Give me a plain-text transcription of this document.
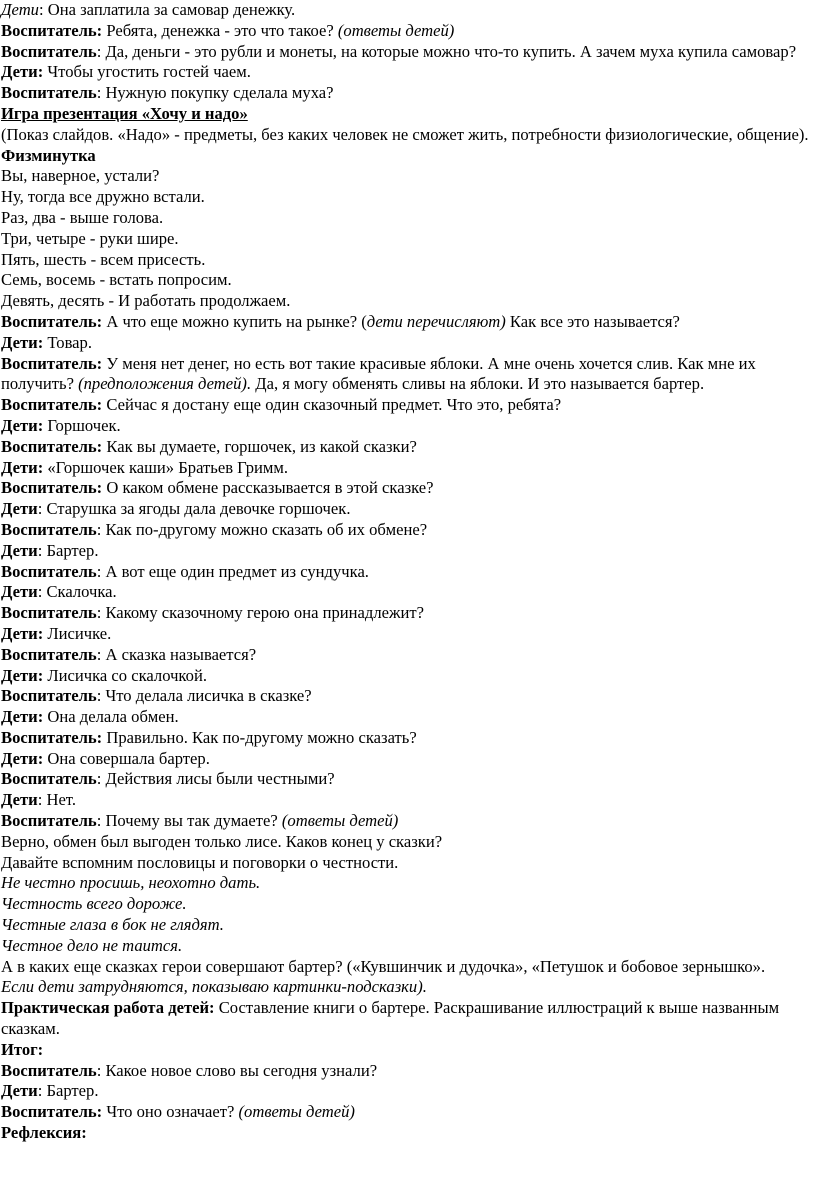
Дети: Она заплатила за самовар денежку.

Воспитатель: Ребята, денежка - это что такое? (ответы детей)

Воспитатель: Да, деньги - это рубли и монеты, на которые можно что-то купить. А зачем муха купила самовар?

Дети: Чтобы угостить гостей чаем.

Воспитатель: Нужную покупку сделала муха?

Игра презентация «Хочу и надо»

(Показ слайдов. «Надо» - предметы, без каких человек не сможет жить, потребности физиологические, общение).

Физминутка

Вы, наверное, устали?

Ну, тогда все дружно встали.

Раз, два - выше голова.

Три, четыре - руки шире.

Пять, шесть - всем присесть.

Семь, восемь - встать попросим.

Девять, десять - И работать продолжаем.

Воспитатель: А что еще можно купить на рынке? (дети перечисляют) Как все это называется?

Дети: Товар.

Воспитатель: У меня нет денег, но есть вот такие красивые яблоки. А мне очень хочется слив. Как мне их получить? (предположения детей). Да, я могу обменять сливы на яблоки. И это называется бартер.

Воспитатель: Сейчас я достану еще один сказочный предмет. Что это, ребята?

Дети: Горшочек.

Воспитатель: Как вы думаете, горшочек, из какой сказки?

Дети: «Горшочек каши» Братьев Гримм.

Воспитатель: О каком обмене рассказывается в этой сказке?

Дети: Старушка за ягоды дала девочке горшочек.

Воспитатель: Как по-другому можно сказать об их обмене?

Дети: Бартер.

Воспитатель: А вот еще один предмет из сундучка.

Дети: Скалочка.

Воспитатель: Какому сказочному герою она принадлежит?

Дети: Лисичке.

Воспитатель: А сказка называется?

Дети: Лисичка со скалочкой.

Воспитатель: Что делала лисичка в сказке?

Дети: Она делала обмен.

Воспитатель: Правильно. Как по-другому можно сказать?

Дети: Она совершала бартер.

Воспитатель: Действия лисы были честными?

Дети: Нет.

Воспитатель: Почему вы так думаете? (ответы детей)

Верно, обмен был выгоден только лисе. Каков конец у сказки?

Давайте вспомним пословицы и поговорки о честности.

Не честно просишь, неохотно дать.

Честность всего дороже.

Честные глаза в бок не глядят.

Честное дело не таится.

А в каких еще сказках герои совершают бартер? («Кувшинчик и дудочка», «Петушок и бобовое зернышко».

Если дети затрудняются, показываю картинки-подсказки).

Практическая работа детей: Составление книги о бартере. Раскрашивание иллюстраций к выше названным сказкам.

Итог:

Воспитатель: Какое новое слово вы сегодня узнали?

Дети: Бартер.

Воспитатель: Что оно означает? (ответы детей)

Рефлексия:
